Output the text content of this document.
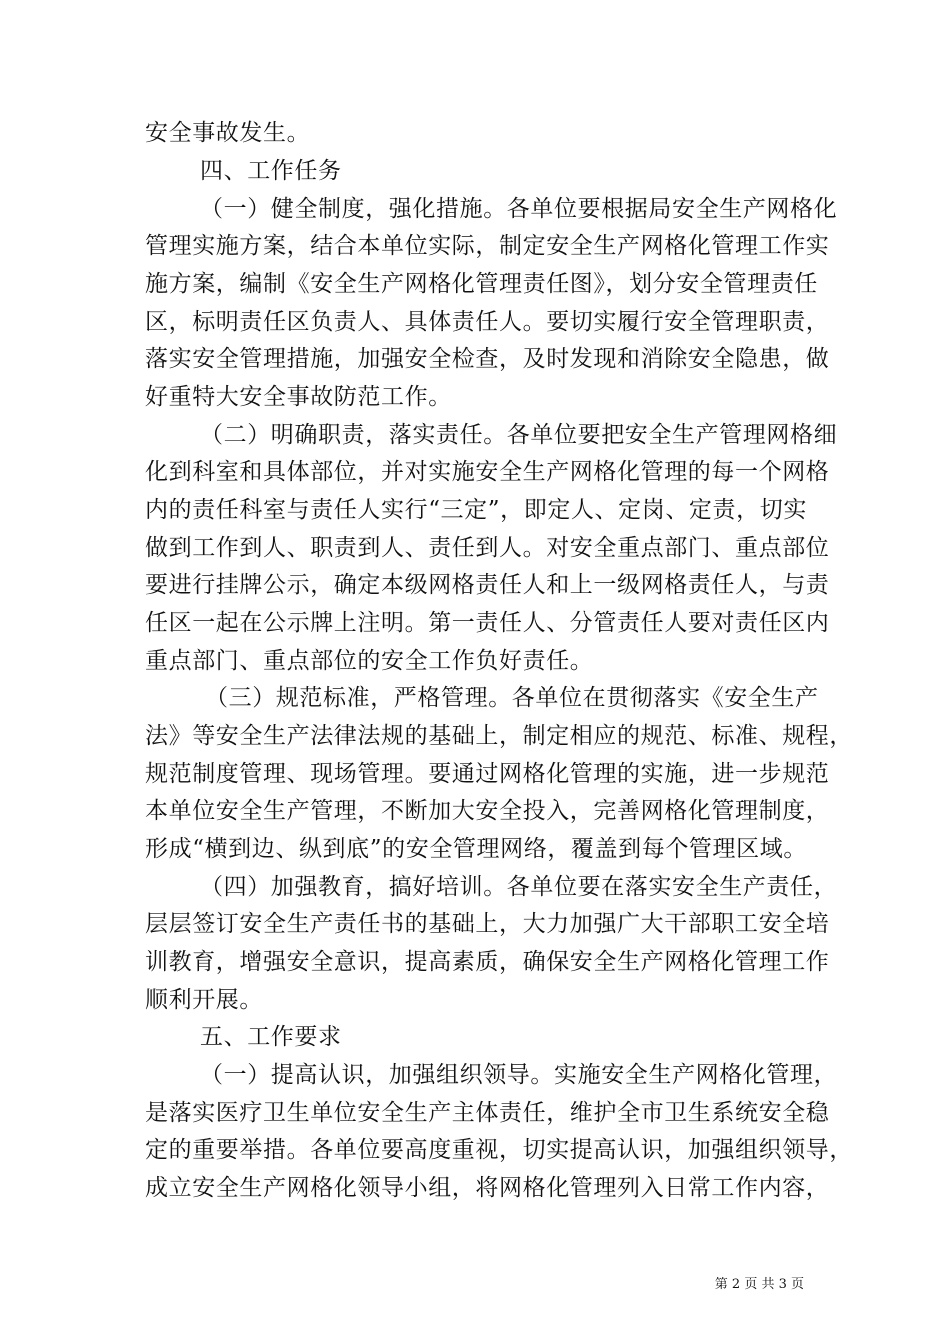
安全事故发生。
四、工作任务
（一）健全制度，强化措施。各单位要根据局安全生产网格化
管理实施方案，结合本单位实际，制定安全生产网格化管理工作实
施方案，编制《安全生产网格化管理责任图》，划分安全管理责任
区，标明责任区负责人、具体责任人。要切实履行安全管理职责，
落实安全管理措施，加强安全检查，及时发现和消除安全隐患，做
好重特大安全事故防范工作。
（二）明确职责，落实责任。各单位要把安全生产管理网格细
化到科室和具体部位，并对实施安全生产网格化管理的每一个网格
内的责任科室与责任人实行“三定”，即定人、定岗、定责，切实
做到工作到人、职责到人、责任到人。对安全重点部门、重点部位
要进行挂牌公示，确定本级网格责任人和上一级网格责任人，与责
任区一起在公示牌上注明。第一责任人、分管责任人要对责任区内
重点部门、重点部位的安全工作负好责任。
（三）规范标准，严格管理。各单位在贯彻落实《安全生产
法》等安全生产法律法规的基础上，制定相应的规范、标准、规程，
规范制度管理、现场管理。要通过网格化管理的实施，进一步规范
本单位安全生产管理，不断加大安全投入，完善网格化管理制度，
形成“横到边、纵到底”的安全管理网络，覆盖到每个管理区域。
（四）加强教育，搞好培训。各单位要在落实安全生产责任，
层层签订安全生产责任书的基础上，大力加强广大干部职工安全培
训教育，增强安全意识，提高素质，确保安全生产网格化管理工作
顺利开展。
五、工作要求
（一）提高认识，加强组织领导。实施安全生产网格化管理，
是落实医疗卫生单位安全生产主体责任，维护全市卫生系统安全稳
定的重要举措。各单位要高度重视，切实提高认识，加强组织领导，
成立安全生产网格化领导小组，将网格化管理列入日常工作内容，
第 2 页 共 3 页
